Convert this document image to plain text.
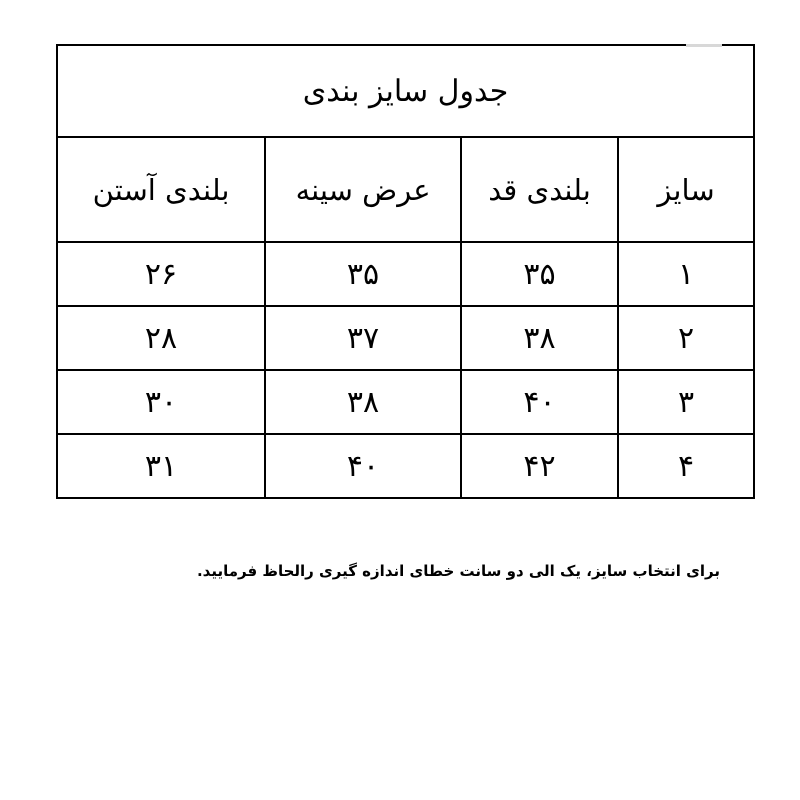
جدول سایز بندی			
سایز	بلندی قد	عرض سینه	بلندی آستن
۱	۳۵	۳۵	۲۶
۲	۳۸	۳۷	۲۸
۳	۴۰	۳۸	۳۰
۴	۴۲	۴۰	۳۱
برای انتخاب سایز، یک الی دو سانت خطای اندازه گیری رالحاظ فرمایید.
